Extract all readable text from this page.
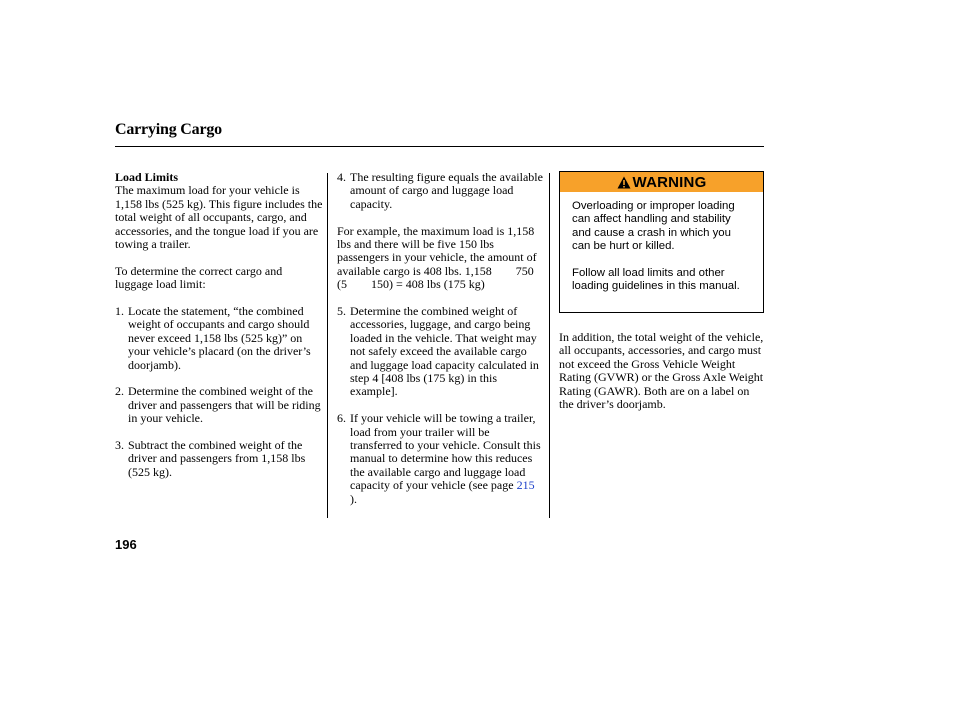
Carrying Cargo
Load Limits

The maximum load for your vehicle is 1,158 lbs (525 kg). This figure includes the total weight of all occupants, cargo, and accessories, and the tongue load if you are towing a trailer.

To determine the correct cargo and luggage load limit:

1. Locate the statement, “the combined weight of occupants and cargo should never exceed 1,158 lbs (525 kg)” on your vehicle’s placard (on the driver’s doorjamb).
2. Determine the combined weight of the driver and passengers that will be riding in your vehicle.
3. Subtract the combined weight of the driver and passengers from 1,158 lbs (525 kg).
4. The resulting figure equals the available amount of cargo and luggage load capacity.

For example, the maximum load is 1,158 lbs and there will be five 150 lbs passengers in your vehicle, the amount of available cargo is 408 lbs. 1,158  750 (5  150) = 408 lbs (175 kg)

5. Determine the combined weight of accessories, luggage, and cargo being loaded in the vehicle. That weight may not safely exceed the available cargo and luggage load capacity calculated in step 4 [408 lbs (175 kg) in this example].
6. If your vehicle will be towing a trailer, load from your trailer will be transferred to your vehicle. Consult this manual to determine how this reduces the available cargo and luggage load capacity of your vehicle (see page 215 ).
WARNING

Overloading or improper loading can affect handling and stability and cause a crash in which you can be hurt or killed.

Follow all load limits and other loading guidelines in this manual.

In addition, the total weight of the vehicle, all occupants, accessories, and cargo must not exceed the Gross Vehicle Weight Rating (GVWR) or the Gross Axle Weight Rating (GAWR). Both are on a label on the driver’s doorjamb.

196
